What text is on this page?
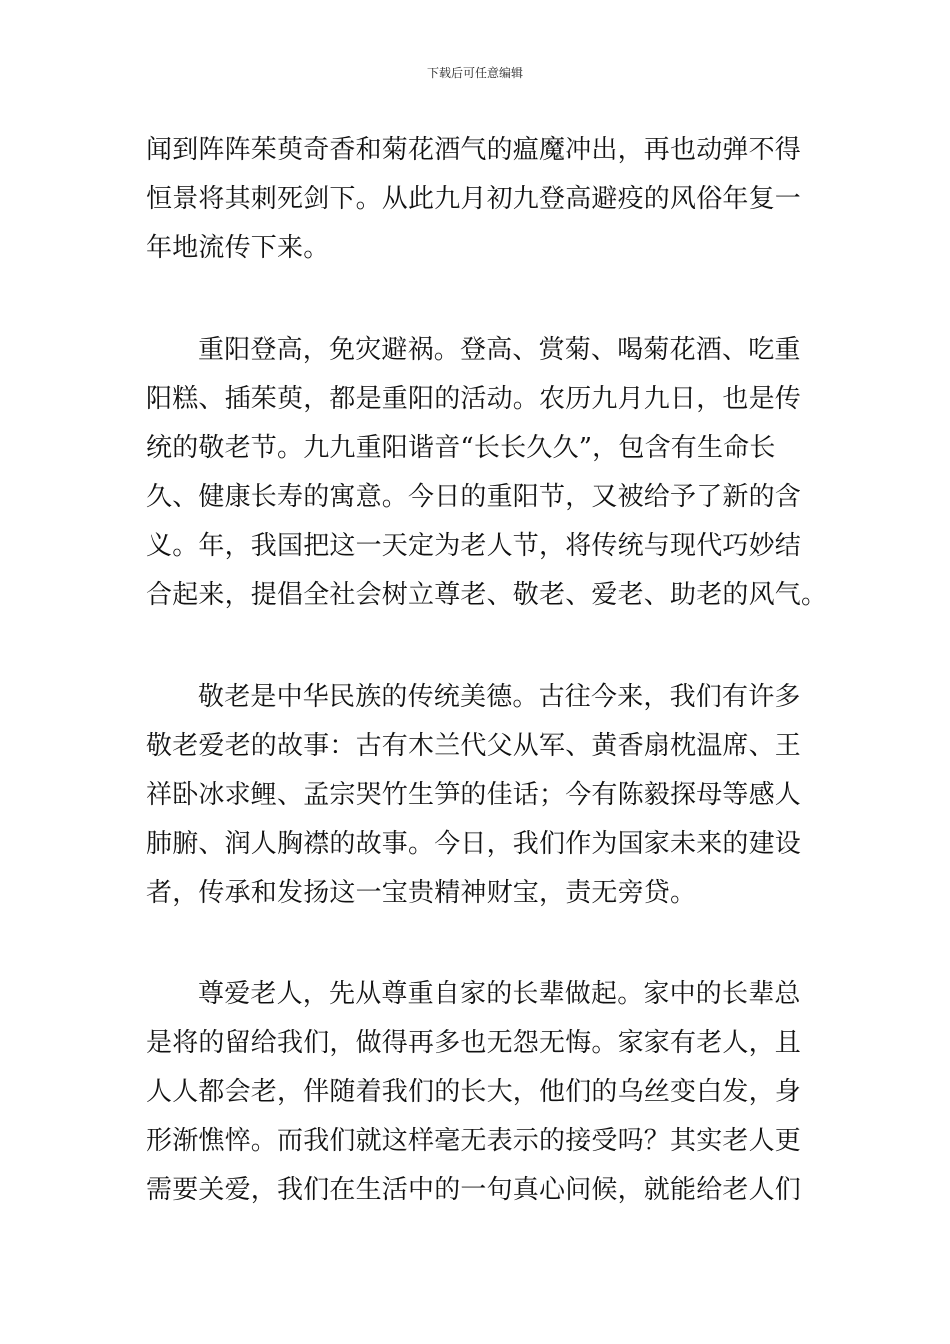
下载后可任意编辑
闻到阵阵茱萸奇香和菊花酒气的瘟魔冲出，再也动弹不得
恒景将其刺死剑下。从此九月初九登高避疫的风俗年复一
年地流传下来。
重阳登高，免灾避祸。登高、赏菊、喝菊花酒、吃重
阳糕、插茱萸，都是重阳的活动。农历九月九日，也是传
统的敬老节。九九重阳谐音“长长久久”，包含有生命长
久、健康长寿的寓意。今日的重阳节，又被给予了新的含
义。年，我国把这一天定为老人节，将传统与现代巧妙结
合起来，提倡全社会树立尊老、敬老、爱老、助老的风气。
敬老是中华民族的传统美德。古往今来，我们有许多
敬老爱老的故事：古有木兰代父从军、黄香扇枕温席、王
祥卧冰求鲤、孟宗哭竹生笋的佳话；今有陈毅探母等感人
肺腑、润人胸襟的故事。今日，我们作为国家未来的建设
者，传承和发扬这一宝贵精神财宝，责无旁贷。
尊爱老人，先从尊重自家的长辈做起。家中的长辈总
是将的留给我们，做得再多也无怨无悔。家家有老人，且
人人都会老，伴随着我们的长大，他们的乌丝变白发，身
形渐憔悴。而我们就这样毫无表示的接受吗？其实老人更
需要关爱，我们在生活中的一句真心问候，就能给老人们
